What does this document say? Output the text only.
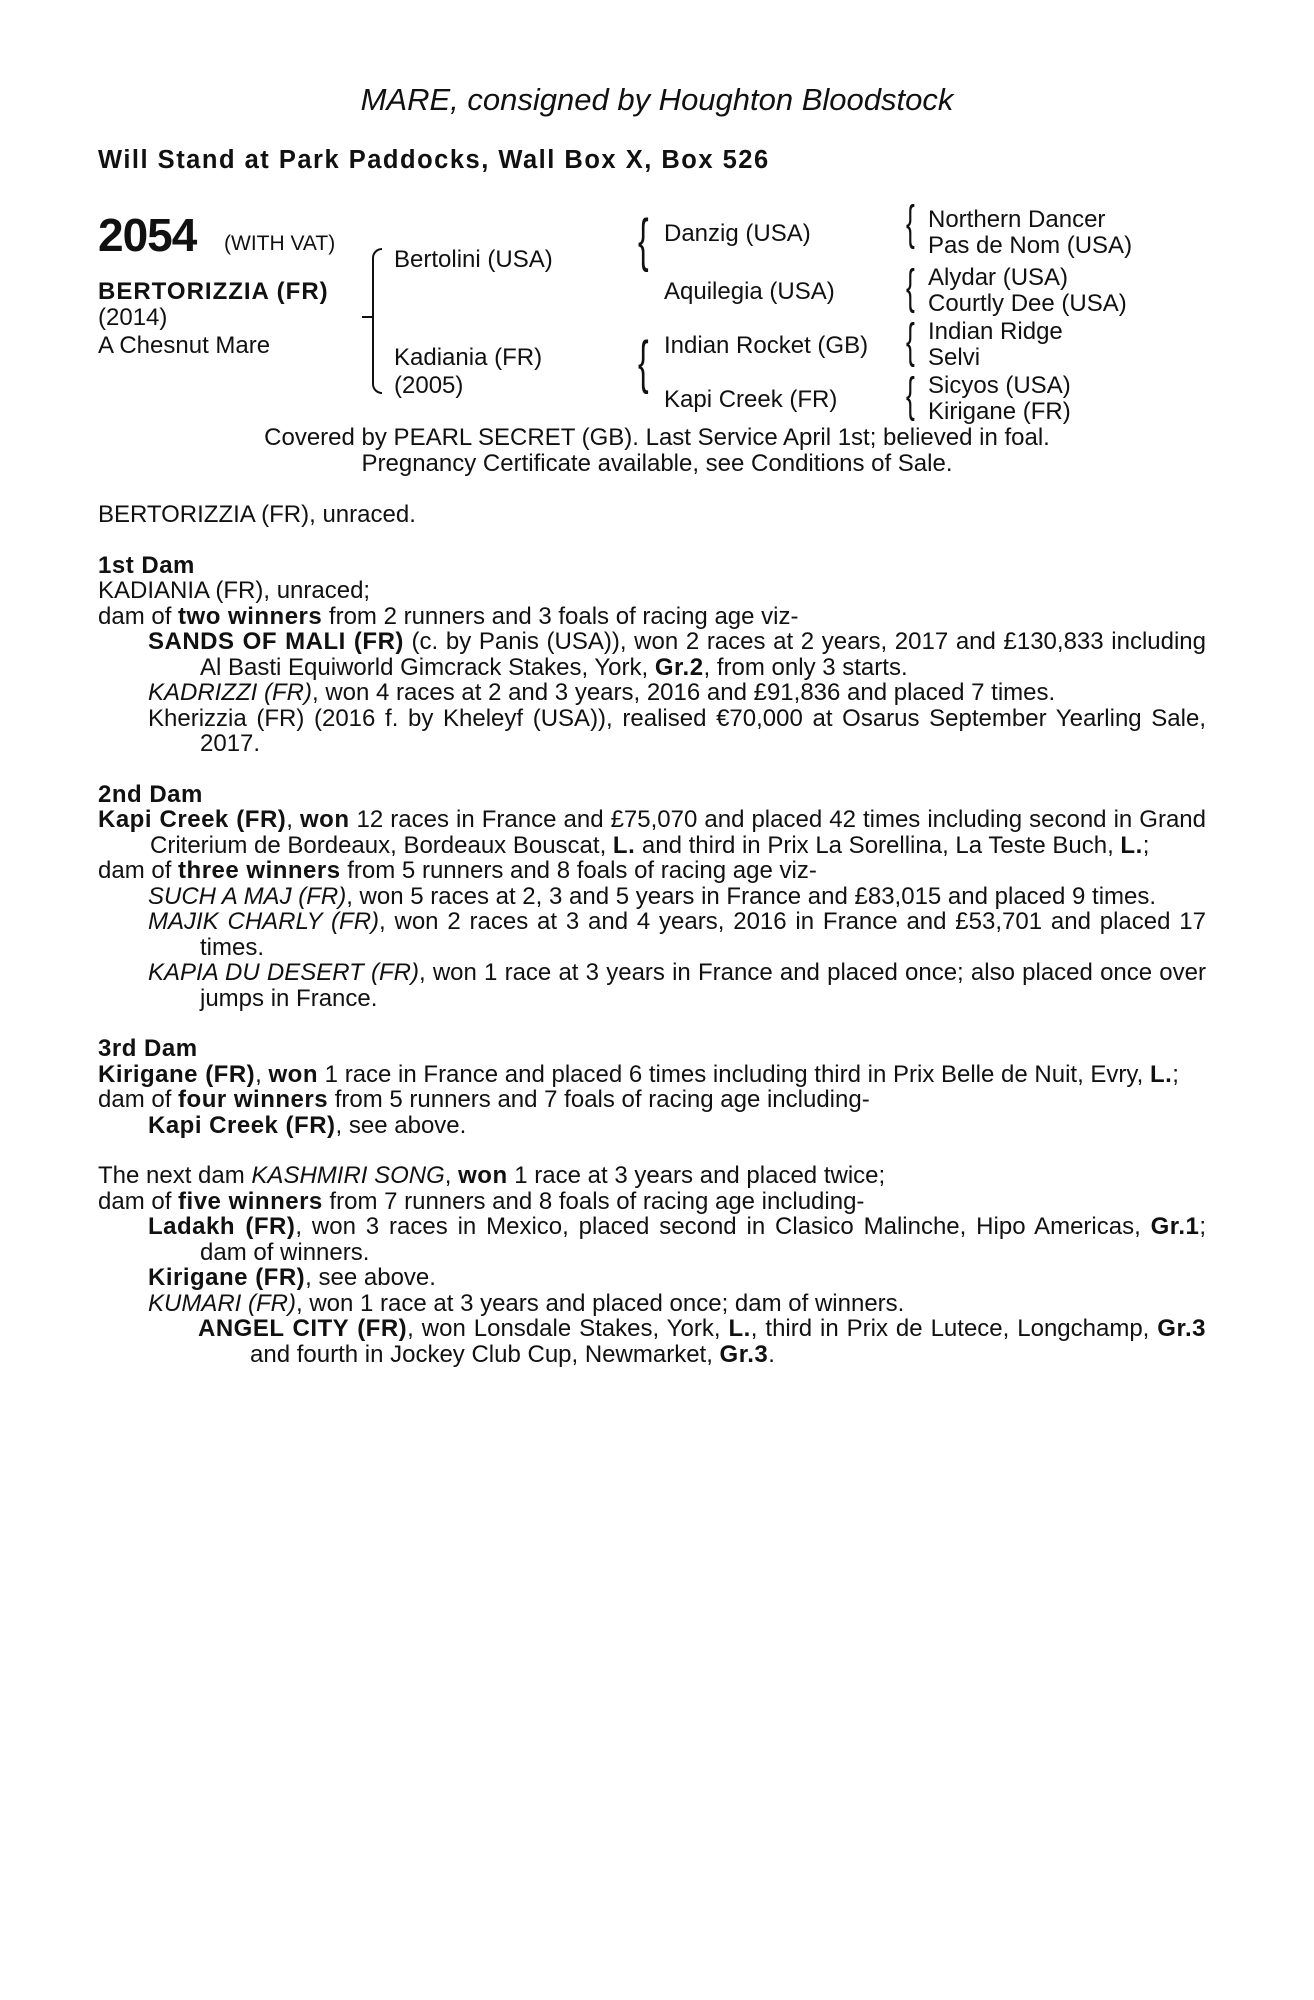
MARE, consigned by Houghton Bloodstock
Will Stand at Park Paddocks, Wall Box X, Box 526
2054 (WITH VAT)
BERTORIZZIA (FR)
(2014)
A Chesnut Mare
Bertolini (USA)
Kadiania (FR)
(2005)
{
{
Danzig (USA)
Aquilegia (USA)
Indian Rocket (GB)
Kapi Creek (FR)
{
{
{
{
Northern Dancer
Pas de Nom (USA)
Alydar (USA)
Courtly Dee (USA)
Indian Ridge
Selvi
Sicyos (USA)
Kirigane (FR)
Covered by PEARL SECRET (GB). Last Service April 1st; believed in foal.
Pregnancy Certificate available, see Conditions of Sale.

BERTORIZZIA (FR), unraced.

1st Dam

KADIANIA (FR), unraced;

dam of two winners from 2 runners and 3 foals of racing age viz-

SANDS OF MALI (FR) (c. by Panis (USA)), won 2 races at 2 years, 2017 and £130,833 including Al Basti Equiworld Gimcrack Stakes, York, Gr.2, from only 3 starts.

KADRIZZI (FR), won 4 races at 2 and 3 years, 2016 and £91,836 and placed 7 times.

Kherizzia (FR) (2016 f. by Kheleyf (USA)), realised €70,000 at Osarus September Yearling Sale, 2017.

2nd Dam

Kapi Creek (FR), won 12 races in France and £75,070 and placed 42 times including second in Grand Criterium de Bordeaux, Bordeaux Bouscat, L. and third in Prix La Sorellina, La Teste Buch, L.;

dam of three winners from 5 runners and 8 foals of racing age viz-

SUCH A MAJ (FR), won 5 races at 2, 3 and 5 years in France and £83,015 and placed 9 times.

MAJIK CHARLY (FR), won 2 races at 3 and 4 years, 2016 in France and £53,701 and placed 17 times.

KAPIA DU DESERT (FR), won 1 race at 3 years in France and placed once; also placed once over jumps in France.

3rd Dam

Kirigane (FR), won 1 race in France and placed 6 times including third in Prix Belle de Nuit, Evry, L.;

dam of four winners from 5 runners and 7 foals of racing age including-

Kapi Creek (FR), see above.

The next dam KASHMIRI SONG, won 1 race at 3 years and placed twice;

dam of five winners from 7 runners and 8 foals of racing age including-

Ladakh (FR), won 3 races in Mexico, placed second in Clasico Malinche, Hipo Americas, Gr.1; dam of winners.

Kirigane (FR), see above.

KUMARI (FR), won 1 race at 3 years and placed once; dam of winners.

ANGEL CITY (FR), won Lonsdale Stakes, York, L., third in Prix de Lutece, Longchamp, Gr.3 and fourth in Jockey Club Cup, Newmarket, Gr.3.
